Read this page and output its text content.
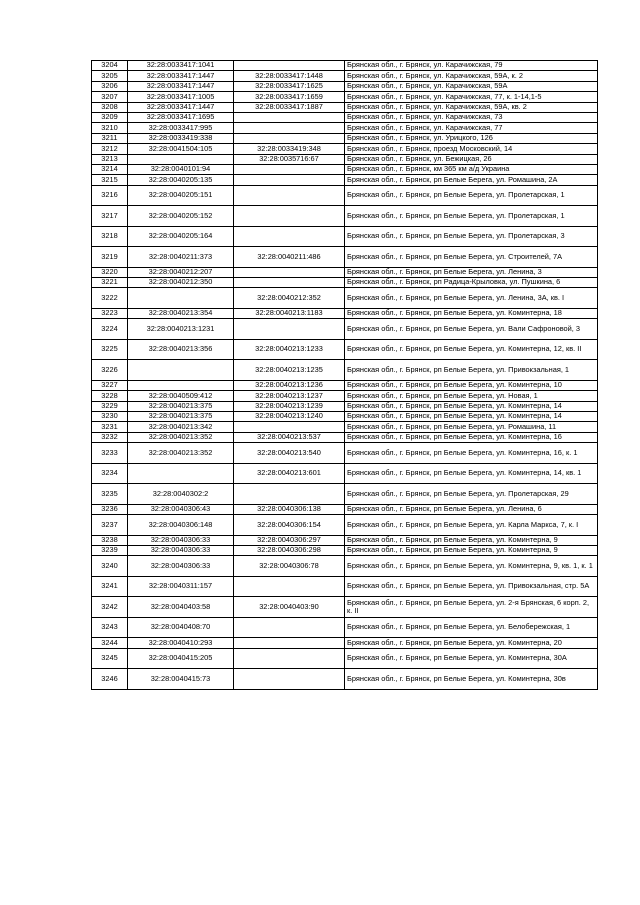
3204	32:28:0033417:1041		Брянская обл., г. Брянск, ул. Карачижская, 79
3205	32:28:0033417:1447	32:28:0033417:1448	Брянская обл., г. Брянск, ул. Карачижская, 59А, к. 2
3206	32:28:0033417:1447	32:28:0033417:1625	Брянская обл., г. Брянск, ул. Карачижская, 59А
3207	32:28:0033417:1005	32:28:0033417:1659	Брянская обл., г. Брянск, ул. Карачижская, 77, к. 1-14,1-5
3208	32:28:0033417:1447	32:28:0033417:1887	Брянская обл., г. Брянск, ул. Карачижская, 59А, кв. 2
3209	32:28:0033417:1695		Брянская обл., г. Брянск, ул. Карачижская, 73
3210	32:28:0033417:995		Брянская обл., г. Брянск, ул. Карачижская, 77
3211	32:28:0033419:338		Брянская обл., г. Брянск, ул. Урицкого, 126
3212	32:28:0041504:105	32:28:0033419:348	Брянская обл., г. Брянск, проезд Московский, 14
3213		32:28:0035716:67	Брянская обл., г. Брянск, ул. Бежицкая, 26
3214	32:28:0040101:94		Брянская обл., г. Брянск, км 365 км а/д Украина
3215	32:28:0040205:135		Брянская обл., г. Брянск, рп Белые Берега, ул. Ромашина, 2А
3216	32:28:0040205:151		Брянская обл., г. Брянск, рп Белые Берега, ул. Пролетарская, 1
3217	32:28:0040205:152		Брянская обл., г. Брянск, рп Белые Берега, ул. Пролетарская, 1
3218	32:28:0040205:164		Брянская обл., г. Брянск, рп Белые Берега, ул. Пролетарская, 3
3219	32:28:0040211:373	32:28:0040211:486	Брянская обл., г. Брянск, рп Белые Берега, ул. Строителей, 7А
3220	32:28:0040212:207		Брянская обл., г. Брянск, рп Белые Берега, ул. Ленина, 3
3221	32:28:0040212:350		Брянская обл., г. Брянск, рп Радица-Крыловка, ул. Пушкина, 6
3222		32:28:0040212:352	Брянская обл., г. Брянск, рп Белые Берега, ул. Ленина, 3А, кв. I
3223	32:28:0040213:354	32:28:0040213:1183	Брянская обл., г. Брянск, рп Белые Берега, ул. Коминтерна, 18
3224	32:28:0040213:1231		Брянская обл., г. Брянск, рп Белые Берега, ул. Вали Сафроновой, 3
3225	32:28:0040213:356	32:28:0040213:1233	Брянская обл., г. Брянск, рп Белые Берега, ул. Коминтерна, 12, кв. II
3226		32:28:0040213:1235	Брянская обл., г. Брянск, рп Белые Берега, ул. Привокзальная, 1
3227		32:28:0040213:1236	Брянская обл., г. Брянск, рп Белые Берега, ул. Коминтерна, 10
3228	32:28:0040509:412	32:28:0040213:1237	Брянская обл., г. Брянск, рп Белые Берега, ул. Новая, 1
3229	32:28:0040213:375	32:28:0040213:1239	Брянская обл., г. Брянск, рп Белые Берега, ул. Коминтерна, 14
3230	32:28:0040213:375	32:28:0040213:1240	Брянская обл., г. Брянск, рп Белые Берега, ул. Коминтерна, 14
3231	32:28:0040213:342		Брянская обл., г. Брянск, рп Белые Берега, ул. Ромашина, 11
3232	32:28:0040213:352	32:28:0040213:537	Брянская обл., г. Брянск, рп Белые Берега, ул. Коминтерна, 16
3233	32:28:0040213:352	32:28:0040213:540	Брянская обл., г. Брянск, рп Белые Берега, ул. Коминтерна, 16, к. 1
3234		32:28:0040213:601	Брянская обл., г. Брянск, рп Белые Берега, ул. Коминтерна, 14, кв. 1
3235	32:28:0040302:2		Брянская обл., г. Брянск, рп Белые Берега, ул. Пролетарская, 29
3236	32:28:0040306:43	32:28:0040306:138	Брянская обл., г. Брянск, рп Белые Берега, ул. Ленина, 6
3237	32:28:0040306:148	32:28:0040306:154	Брянская обл., г. Брянск, рп Белые Берега, ул. Карла Маркса, 7, к. I
3238	32:28:0040306:33	32:28:0040306:297	Брянская обл., г. Брянск, рп Белые Берега, ул. Коминтерна, 9
3239	32:28:0040306:33	32:28:0040306:298	Брянская обл., г. Брянск, рп Белые Берега, ул. Коминтерна, 9
3240	32:28:0040306:33	32:28:0040306:78	Брянская обл., г. Брянск, рп Белые Берега, ул. Коминтерна, 9, кв. 1, к. 1
3241	32:28:0040311:157		Брянская обл., г. Брянск, рп Белые Берега, ул. Привокзальная, стр. 5А
3242	32:28:0040403:58	32:28:0040403:90	Брянская обл., г. Брянск, рп Белые Берега, ул. 2-я Брянская, 6 корп. 2, к. II
3243	32:28:0040408:70		Брянская обл., г. Брянск, рп Белые Берега, ул. Белобережская, 1
3244	32:28:0040410:293		Брянская обл., г. Брянск, рп Белые Берега, ул. Коминтерна, 20
3245	32:28:0040415:205		Брянская обл., г. Брянск, рп Белые Берега, ул. Коминтерна, 30А
3246	32:28:0040415:73		Брянская обл., г. Брянск, рп Белые Берега, ул. Коминтерна, 30в
